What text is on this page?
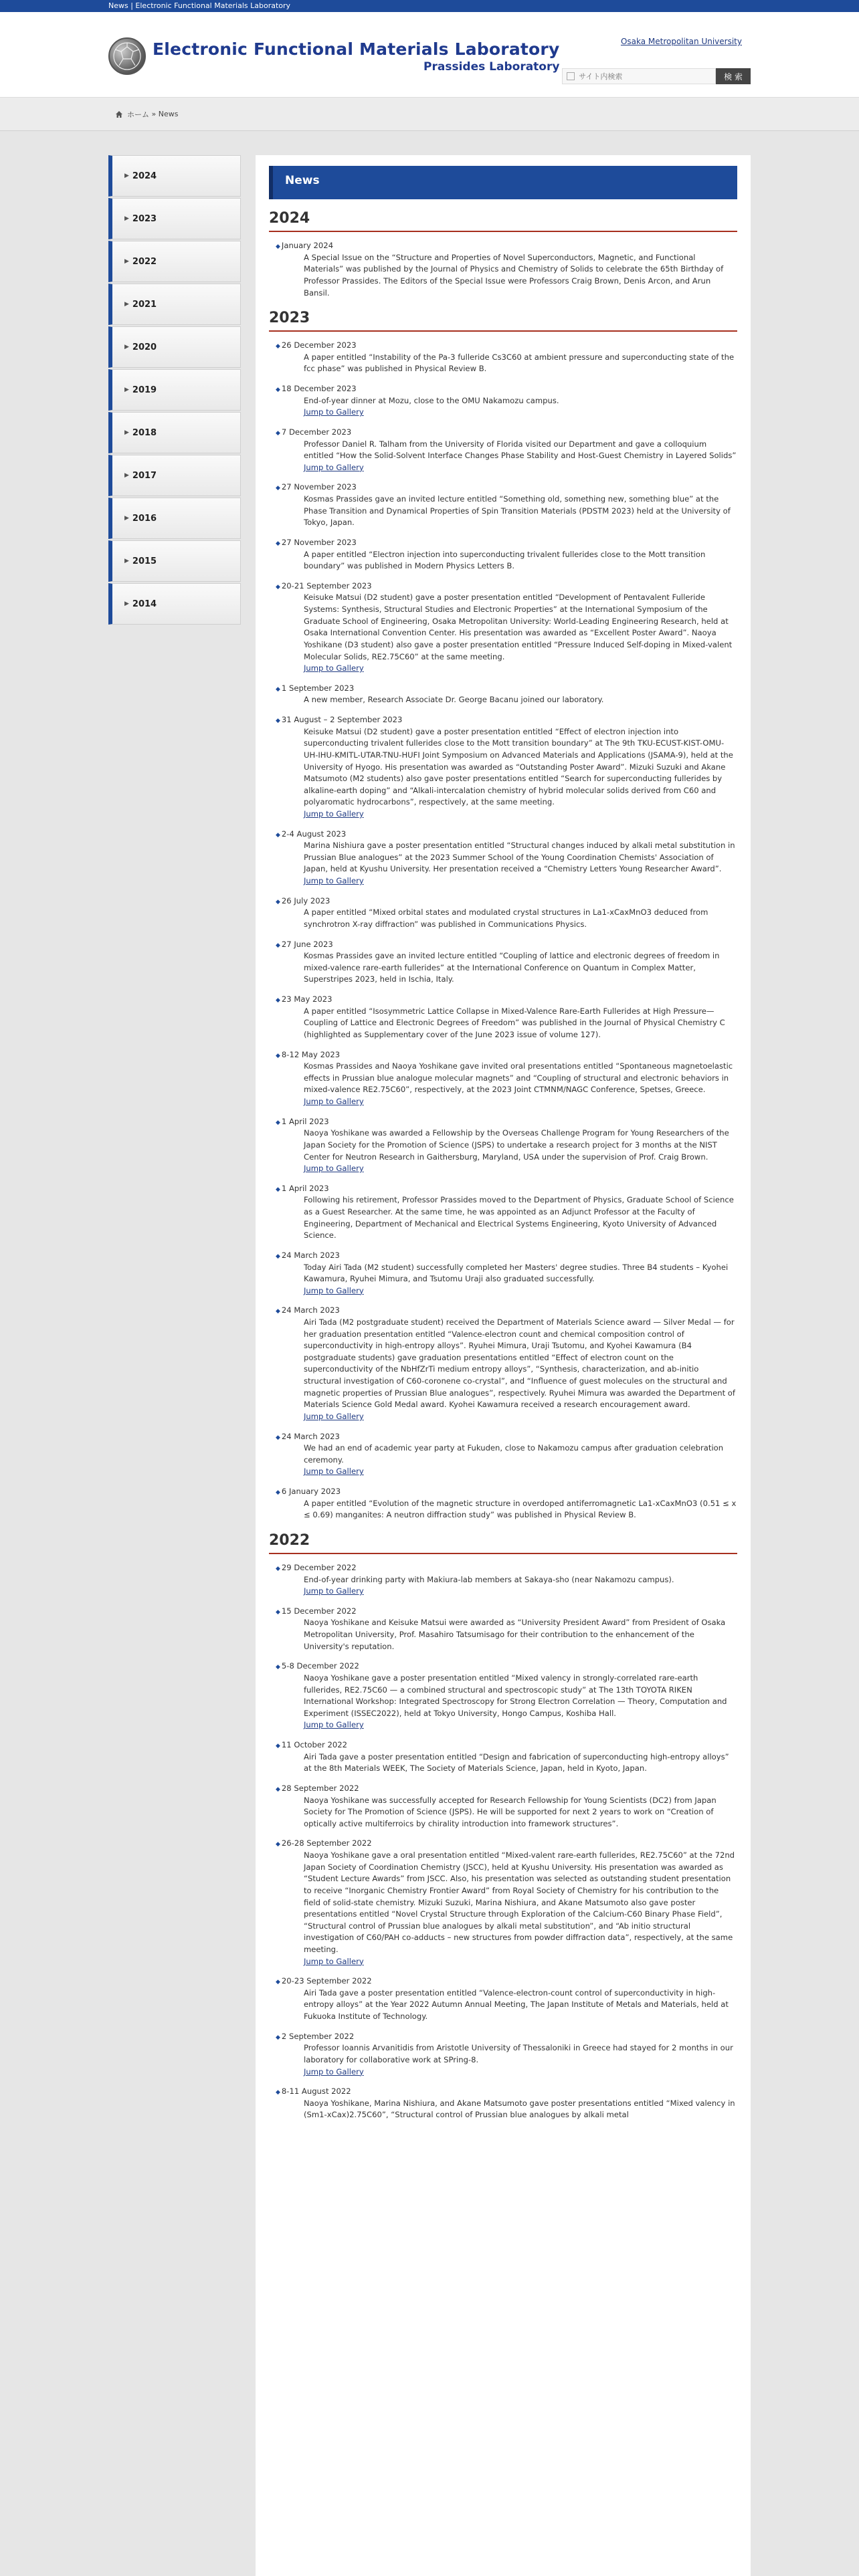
News | Electronic Functional Materials Laboratory
Electronic Functional Materials Laboratory
Prassides Laboratory
Osaka Metropolitan University
サイト内検索
検 索
ホーム
»
News
▶ 2024
▶ 2023
▶ 2022
▶ 2021
▶ 2020
▶ 2019
▶ 2018
▶ 2017
▶ 2016
▶ 2015
▶ 2014
News
2024
◆ January 2024
A Special Issue on the “Structure and Properties of Novel Superconductors, Magnetic, and Functional Materials” was published by the Journal of Physics and Chemistry of Solids to celebrate the 65th Birthday of Professor Prassides. The Editors of the Special Issue were Professors Craig Brown, Denis Arcon, and Arun Bansil.
2023
◆ 26 December 2023
A paper entitled “Instability of the Pa-3 fulleride Cs3C60 at ambient pressure and superconducting state of the fcc phase” was published in Physical Review B.
◆ 18 December 2023
End-of-year dinner at Mozu, close to the OMU Nakamozu campus.
Jump to Gallery
◆ 7 December 2023
Professor Daniel R. Talham from the University of Florida visited our Department and gave a colloquium entitled “How the Solid-Solvent Interface Changes Phase Stability and Host-Guest Chemistry in Layered Solids”
Jump to Gallery
◆ 27 November 2023
Kosmas Prassides gave an invited lecture entitled “Something old, something new, something blue” at the Phase Transition and Dynamical Properties of Spin Transition Materials (PDSTM 2023) held at the University of Tokyo, Japan.
◆ 27 November 2023
A paper entitled “Electron injection into superconducting trivalent fullerides close to the Mott transition boundary” was published in Modern Physics Letters B.
◆ 20-21 September 2023
Keisuke Matsui (D2 student) gave a poster presentation entitled “Development of Pentavalent Fulleride Systems: Synthesis, Structural Studies and Electronic Properties” at the International Symposium of the Graduate School of Engineering, Osaka Metropolitan University: World-Leading Engineering Research, held at Osaka International Convention Center. His presentation was awarded as “Excellent Poster Award”. Naoya Yoshikane (D3 student) also gave a poster presentation entitled “Pressure Induced Self-doping in Mixed-valent Molecular Solids, RE2.75C60” at the same meeting.
Jump to Gallery
◆ 1 September 2023
A new member, Research Associate Dr. George Bacanu joined our laboratory.
◆ 31 August – 2 September 2023
Keisuke Matsui (D2 student) gave a poster presentation entitled “Effect of electron injection into superconducting trivalent fullerides close to the Mott transition boundary” at The 9th TKU-ECUST-KIST-OMU-UH-IHU-KMITL-UTAR-TNU-HUFI Joint Symposium on Advanced Materials and Applications (JSAMA-9), held at the University of Hyogo. His presentation was awarded as “Outstanding Poster Award”. Mizuki Suzuki and Akane Matsumoto (M2 students) also gave poster presentations entitled “Search for superconducting fullerides by alkaline-earth doping” and “Alkali-intercalation chemistry of hybrid molecular solids derived from C60 and polyaromatic hydrocarbons”, respectively, at the same meeting.
Jump to Gallery
◆ 2-4 August 2023
Marina Nishiura gave a poster presentation entitled “Structural changes induced by alkali metal substitution in Prussian Blue analogues” at the 2023 Summer School of the Young Coordination Chemists' Association of Japan, held at Kyushu University. Her presentation received a “Chemistry Letters Young Researcher Award”.
Jump to Gallery
◆ 26 July 2023
A paper entitled “Mixed orbital states and modulated crystal structures in La1-xCaxMnO3 deduced from synchrotron X-ray diffraction” was published in Communications Physics.
◆ 27 June 2023
Kosmas Prassides gave an invited lecture entitled “Coupling of lattice and electronic degrees of freedom in mixed-valence rare-earth fullerides” at the International Conference on Quantum in Complex Matter, Superstripes 2023, held in Ischia, Italy.
◆ 23 May 2023
A paper entitled “Isosymmetric Lattice Collapse in Mixed-Valence Rare-Earth Fullerides at High Pressure—Coupling of Lattice and Electronic Degrees of Freedom” was published in the Journal of Physical Chemistry C (highlighted as Supplementary cover of the June 2023 issue of volume 127).
◆ 8-12 May 2023
Kosmas Prassides and Naoya Yoshikane gave invited oral presentations entitled “Spontaneous magnetoelastic effects in Prussian blue analogue molecular magnets” and “Coupling of structural and electronic behaviors in mixed-valence RE2.75C60”, respectively, at the 2023 Joint CTMNM/NAGC Conference, Spetses, Greece.
Jump to Gallery
◆ 1 April 2023
Naoya Yoshikane was awarded a Fellowship by the Overseas Challenge Program for Young Researchers of the Japan Society for the Promotion of Science (JSPS) to undertake a research project for 3 months at the NIST Center for Neutron Research in Gaithersburg, Maryland, USA under the supervision of Prof. Craig Brown.
Jump to Gallery
◆ 1 April 2023
Following his retirement, Professor Prassides moved to the Department of Physics, Graduate School of Science as a Guest Researcher. At the same time, he was appointed as an Adjunct Professor at the Faculty of Engineering, Department of Mechanical and Electrical Systems Engineering, Kyoto University of Advanced Science.
◆ 24 March 2023
Today Airi Tada (M2 student) successfully completed her Masters' degree studies. Three B4 students – Kyohei Kawamura, Ryuhei Mimura, and Tsutomu Uraji also graduated successfully.
Jump to Gallery
◆ 24 March 2023
Airi Tada (M2 postgraduate student) received the Department of Materials Science award — Silver Medal — for her graduation presentation entitled “Valence-electron count and chemical composition control of superconductivity in high-entropy alloys”. Ryuhei Mimura, Uraji Tsutomu, and Kyohei Kawamura (B4 postgraduate students) gave graduation presentations entitled “Effect of electron count on the superconductivity of the NbHfZrTi medium entropy alloys”, “Synthesis, characterization, and ab-initio structural investigation of C60-coronene co-crystal”, and “Influence of guest molecules on the structural and magnetic properties of Prussian Blue analogues”, respectively. Ryuhei Mimura was awarded the Department of Materials Science Gold Medal award. Kyohei Kawamura received a research encouragement award.
Jump to Gallery
◆ 24 March 2023
We had an end of academic year party at Fukuden, close to Nakamozu campus after graduation celebration ceremony.
Jump to Gallery
◆ 6 January 2023
A paper entitled “Evolution of the magnetic structure in overdoped antiferromagnetic La1-xCaxMnO3 (0.51 ≤ x ≤ 0.69) manganites: A neutron diffraction study” was published in Physical Review B.
2022
◆ 29 December 2022
End-of-year drinking party with Makiura-lab members at Sakaya-sho (near Nakamozu campus).
Jump to Gallery
◆ 15 December 2022
Naoya Yoshikane and Keisuke Matsui were awarded as “University President Award” from President of Osaka Metropolitan University, Prof. Masahiro Tatsumisago for their contribution to the enhancement of the University's reputation.
◆ 5-8 December 2022
Naoya Yoshikane gave a poster presentation entitled “Mixed valency in strongly-correlated rare-earth fullerides, RE2.75C60 — a combined structural and spectroscopic study” at The 13th TOYOTA RIKEN International Workshop: Integrated Spectroscopy for Strong Electron Correlation — Theory, Computation and Experiment (ISSEC2022), held at Tokyo University, Hongo Campus, Koshiba Hall.
Jump to Gallery
◆ 11 October 2022
Airi Tada gave a poster presentation entitled “Design and fabrication of superconducting high-entropy alloys” at the 8th Materials WEEK, The Society of Materials Science, Japan, held in Kyoto, Japan.
◆ 28 September 2022
Naoya Yoshikane was successfully accepted for Research Fellowship for Young Scientists (DC2) from Japan Society for The Promotion of Science (JSPS). He will be supported for next 2 years to work on “Creation of optically active multiferroics by chirality introduction into framework structures”.
◆ 26-28 September 2022
Naoya Yoshikane gave a oral presentation entitled “Mixed-valent rare-earth fullerides, RE2.75C60” at the 72nd Japan Society of Coordination Chemistry (JSCC), held at Kyushu University. His presentation was awarded as “Student Lecture Awards” from JSCC. Also, his presentation was selected as outstanding student presentation to receive “Inorganic Chemistry Frontier Award” from Royal Society of Chemistry for his contribution to the field of solid-state chemistry. Mizuki Suzuki, Marina Nishiura, and Akane Matsumoto also gave poster presentations entitled “Novel Crystal Structure through Exploration of the Calcium-C60 Binary Phase Field”, “Structural control of Prussian blue analogues by alkali metal substitution”, and “Ab initio structural investigation of C60/PAH co-adducts – new structures from powder diffraction data”, respectively, at the same meeting.
Jump to Gallery
◆ 20-23 September 2022
Airi Tada gave a poster presentation entitled “Valence-electron-count control of superconductivity in high-entropy alloys” at the Year 2022 Autumn Annual Meeting, The Japan Institute of Metals and Materials, held at Fukuoka Institute of Technology.
◆ 2 September 2022
Professor Ioannis Arvanitidis from Aristotle University of Thessaloniki in Greece had stayed for 2 months in our laboratory for collaborative work at SPring-8.
Jump to Gallery
◆ 8-11 August 2022
Naoya Yoshikane, Marina Nishiura, and Akane Matsumoto gave poster presentations entitled “Mixed valency in (Sm1-xCax)2.75C60”, “Structural control of Prussian blue analogues by alkali metal
